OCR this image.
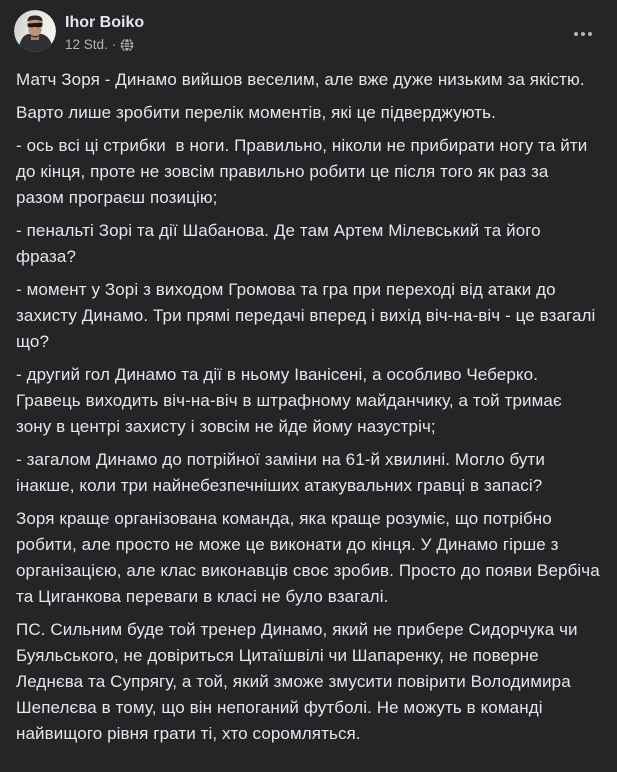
Ihor Boiko
12 Std. ·

Матч Зоря - Динамо вийшов веселим, але вже дуже низьким за якістю.

Варто лише зробити перелік моментів, які це підверджують.

- ось всі ці стрибки  в ноги. Правильно, ніколи не прибирати ногу та йти до кінця, проте не зовсім правильно робити це після того як раз за разом програєш позицію;

- пенальті Зорі та дії Шабанова. Де там Артем Мілевський та його фраза?

- момент у Зорі з виходом Громова та гра при переході від атаки до захисту Динамо. Три прямі передачі вперед і вихід віч-на-віч - це взагалі що?

- другий гол Динамо та дії в ньому Іванісені, а особливо Чеберко. Гравець виходить віч-на-віч в штрафному майданчику, а той тримає зону в центрі захисту і зовсім не йде йому назустріч;

- загалом Динамо до потрійної заміни на 61-й хвилині. Могло бути інакше, коли три найнебезпечніших атакувальних гравці в запасі?

Зоря краще організована команда, яка краще розуміє, що потрібно робити, але просто не може це виконати до кінця. У Динамо гірше з організацією, але клас виконавців своє зробив. Просто до появи Вербіча та Циганкова переваги в класі не було взагалі.

ПС. Сильним буде той тренер Динамо, який не прибере Сидорчука чи Буяльського, не довіриться Цитаїшвілі чи Шапаренку, не поверне Леднєва та Супрягу, а той, який зможе змусити повірити Володимира Шепелєва в тому, що він непоганий футболі. Не можуть в команді найвищого рівня грати ті, хто соромляться.
